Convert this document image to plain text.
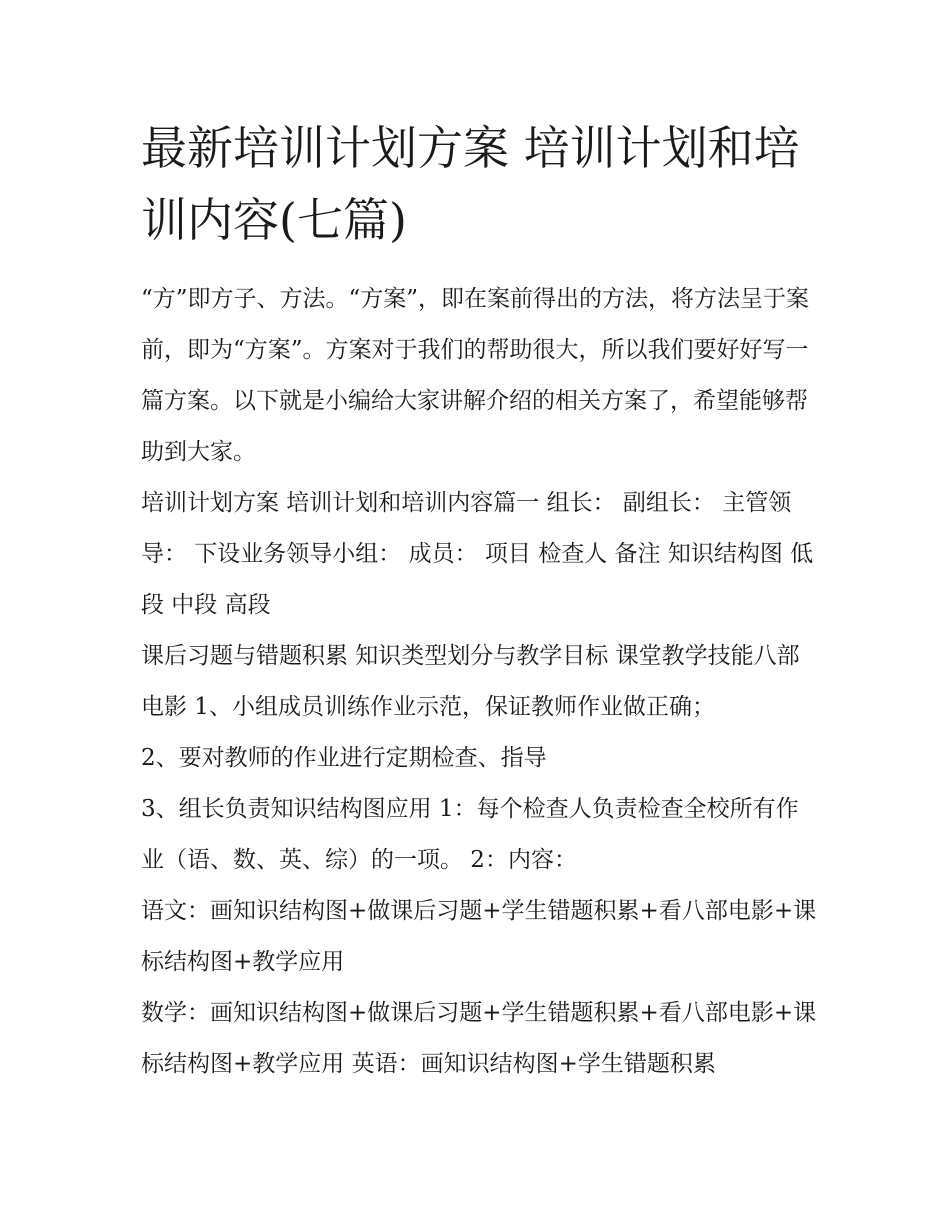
最新培训计划方案 培训计划和培训内容(七篇)

“方”即方子、方法。“方案”，即在案前得出的方法，将方法呈于案前，即为“方案”。方案对于我们的帮助很大，所以我们要好好写一篇方案。以下就是小编给大家讲解介绍的相关方案了，希望能够帮助到大家。

培训计划方案 培训计划和培训内容篇一 组长： 副组长： 主管领导： 下设业务领导小组： 成员： 项目 检查人 备注 知识结构图 低段 中段 高段

课后习题与错题积累 知识类型划分与教学目标 课堂教学技能八部电影 1、小组成员训练作业示范，保证教师作业做正确；

2、要对教师的作业进行定期检查、指导

3、组长负责知识结构图应用 1：每个检查人负责检查全校所有作业（语、数、英、综）的一项。 2：内容：

语文：画知识结构图+做课后习题+学生错题积累+看八部电影+课标结构图+教学应用

数学：画知识结构图+做课后习题+学生错题积累+看八部电影+课标结构图+教学应用 英语：画知识结构图+学生错题积累
